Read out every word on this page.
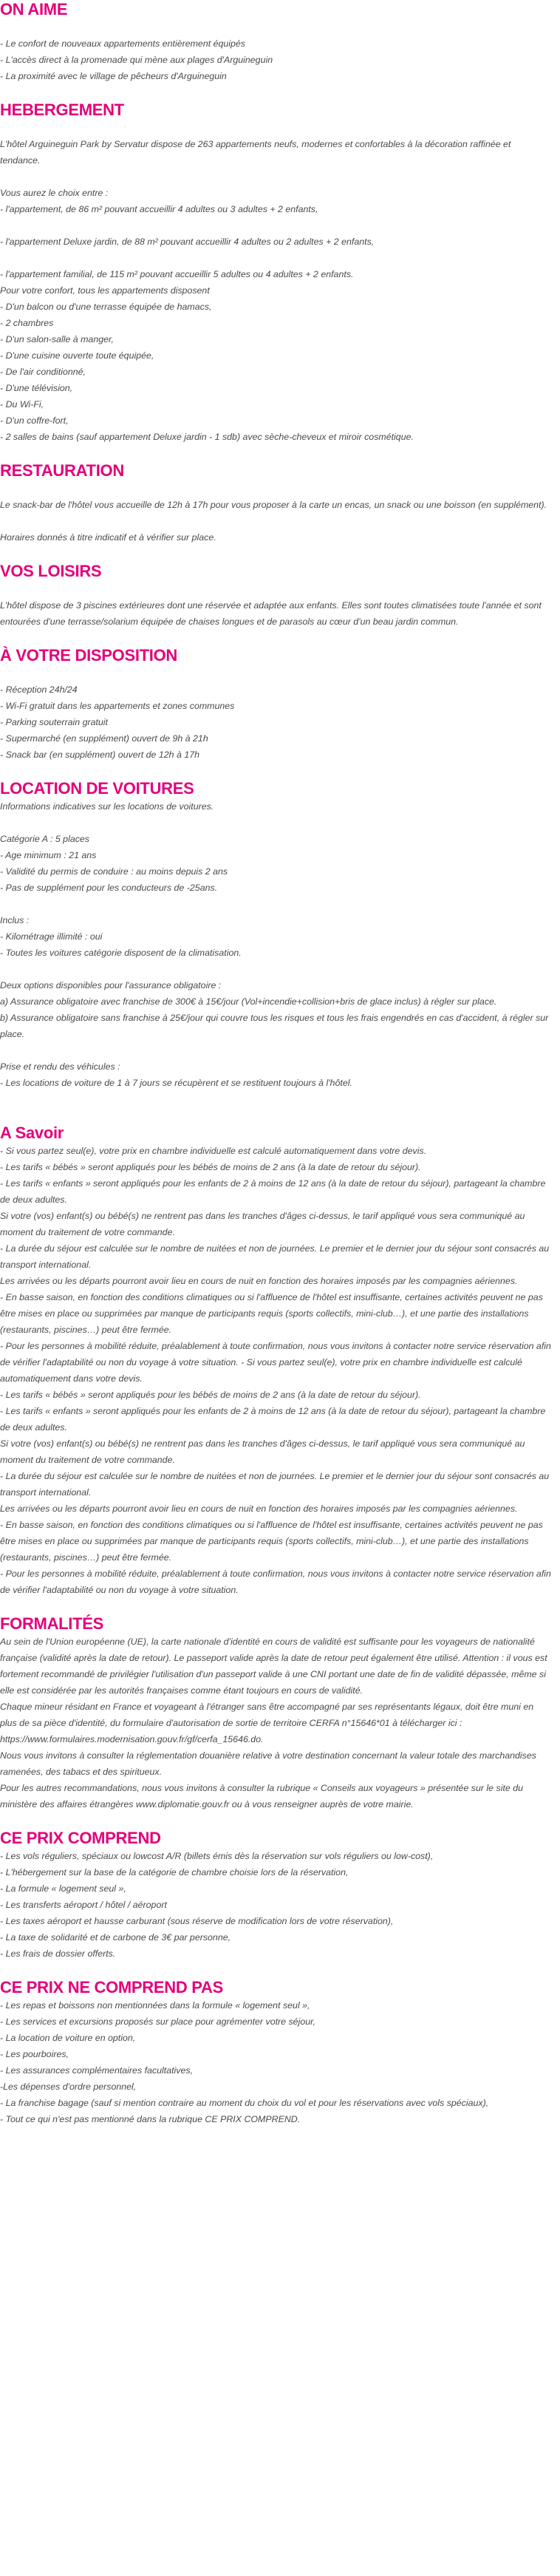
ON AIME

- Le confort de nouveaux appartements entièrement équipés

- L'accès direct à la promenade qui mène aux plages d'Arguineguin

- La proximité avec le village de pêcheurs d'Arguineguin

HEBERGEMENT

L'hôtel Arguineguin Park by Servatur dispose de 263 appartements neufs, modernes et confortables à la décoration raffinée et tendance.

Vous aurez le choix entre :

- l'appartement, de 86 m² pouvant accueillir 4 adultes ou 3 adultes + 2 enfants,

- l'appartement Deluxe jardin, de 88 m² pouvant accueillir 4 adultes ou 2 adultes + 2 enfants,

- l'appartement familial, de 115 m² pouvant accueillir 5 adultes ou 4 adultes + 2 enfants.

Pour votre confort, tous les appartements disposent

- D'un balcon ou d'une terrasse équipée de hamacs,

- 2 chambres

- D'un salon-salle à manger,

- D'une cuisine ouverte toute équipée,

- De l'air conditionné,

- D'une télévision,

- Du Wi-Fi,

- D'un coffre-fort,

- 2 salles de bains (sauf appartement Deluxe jardin - 1 sdb) avec sèche-cheveux et miroir cosmétique.

RESTAURATION

Le snack-bar de l'hôtel vous accueille de 12h à 17h pour vous proposer à la carte un encas, un snack ou une boisson (en supplément).

Horaires donnés à titre indicatif et à vérifier sur place.

VOS LOISIRS

L'hôtel dispose de 3 piscines extérieures dont une réservée et adaptée aux enfants. Elles sont toutes climatisées toute l'année et sont entourées d'une terrasse/solarium équipée de chaises longues et de parasols au cœur d'un beau jardin commun.

À VOTRE DISPOSITION

- Réception 24h/24

- Wi-Fi gratuit dans les appartements et zones communes

- Parking souterrain gratuit

- Supermarché (en supplément) ouvert de 9h à 21h

- Snack bar (en supplément) ouvert de 12h à 17h

LOCATION DE VOITURES

Informations indicatives sur les locations de voitures.

Catégorie A : 5 places

- Age minimum : 21 ans

- Validité du permis de conduire : au moins depuis 2 ans

- Pas de supplément pour les conducteurs de -25ans.

Inclus :

- Kilométrage illimité : oui

- Toutes les voitures catégorie disposent de la climatisation.

Deux options disponibles pour l'assurance obligatoire :

a) Assurance obligatoire avec franchise de 300€ à 15€/jour (Vol+incendie+collision+bris de glace inclus) à régler sur place.

b) Assurance obligatoire sans franchise à 25€/jour qui couvre tous les risques et tous les frais engendrés en cas d'accident, à régler sur place.

Prise et rendu des véhicules :

- Les locations de voiture de 1 à 7 jours se récupèrent et se restituent toujours à l'hôtel.

A Savoir

- Si vous partez seul(e), votre prix en chambre individuelle est calculé automatiquement dans votre devis.

- Les tarifs « bébés » seront appliqués pour les bébés de moins de 2 ans (à la date de retour du séjour).

- Les tarifs « enfants » seront appliqués pour les enfants de 2 à moins de 12 ans (à la date de retour du séjour), partageant la chambre de deux adultes.

Si votre (vos) enfant(s) ou bébé(s) ne rentrent pas dans les tranches d'âges ci-dessus, le tarif appliqué vous sera communiqué au moment du traitement de votre commande.

- La durée du séjour est calculée sur le nombre de nuitées et non de journées. Le premier et le dernier jour du séjour sont consacrés au transport international.

Les arrivées ou les départs pourront avoir lieu en cours de nuit en fonction des horaires imposés par les compagnies aériennes.

- En basse saison, en fonction des conditions climatiques ou si l'affluence de l'hôtel est insuffisante, certaines activités peuvent ne pas être mises en place ou supprimées par manque de participants requis (sports collectifs, mini-club…), et une partie des installations (restaurants, piscines…) peut être fermée.

- Pour les personnes à mobilité réduite, préalablement à toute confirmation, nous vous invitons à contacter notre service réservation afin de vérifier l'adaptabilité ou non du voyage à votre situation. - Si vous partez seul(e), votre prix en chambre individuelle est calculé automatiquement dans votre devis.

- Les tarifs « bébés » seront appliqués pour les bébés de moins de 2 ans (à la date de retour du séjour).

- Les tarifs « enfants » seront appliqués pour les enfants de 2 à moins de 12 ans (à la date de retour du séjour), partageant la chambre de deux adultes.

Si votre (vos) enfant(s) ou bébé(s) ne rentrent pas dans les tranches d'âges ci-dessus, le tarif appliqué vous sera communiqué au moment du traitement de votre commande.

- La durée du séjour est calculée sur le nombre de nuitées et non de journées. Le premier et le dernier jour du séjour sont consacrés au transport international.

Les arrivées ou les départs pourront avoir lieu en cours de nuit en fonction des horaires imposés par les compagnies aériennes.

- En basse saison, en fonction des conditions climatiques ou si l'affluence de l'hôtel est insuffisante, certaines activités peuvent ne pas être mises en place ou supprimées par manque de participants requis (sports collectifs, mini-club…), et une partie des installations (restaurants, piscines…) peut être fermée.

- Pour les personnes à mobilité réduite, préalablement à toute confirmation, nous vous invitons à contacter notre service réservation afin de vérifier l'adaptabilité ou non du voyage à votre situation.

FORMALITÉS

Au sein de l'Union européenne (UE), la carte nationale d'identité en cours de validité est suffisante pour les voyageurs de nationalité française (validité après la date de retour). Le passeport valide après la date de retour peut également être utilisé. Attention : il vous est fortement recommandé de privilégier l'utilisation d'un passeport valide à une CNI portant une date de fin de validité dépassée, même si elle est considérée par les autorités françaises comme étant toujours en cours de validité.

Chaque mineur résidant en France et voyageant à l'étranger sans être accompagné par ses représentants légaux, doit être muni en plus de sa pièce d'identité, du formulaire d'autorisation de sortie de territoire CERFA n°15646*01 à télécharger ici :

https://www.formulaires.modernisation.gouv.fr/gf/cerfa_15646.do.

Nous vous invitons à consulter la réglementation douanière relative à votre destination concernant la valeur totale des marchandises ramenées, des tabacs et des spiritueux.

Pour les autres recommandations, nous vous invitons à consulter la rubrique « Conseils aux voyageurs » présentée sur le site du ministère des affaires étrangères www.diplomatie.gouv.fr ou à vous renseigner auprès de votre mairie.

CE PRIX COMPREND

- Les vols réguliers, spéciaux ou lowcost A/R (billets émis dès la réservation sur vols réguliers ou low-cost),

- L'hébergement sur la base de la catégorie de chambre choisie lors de la réservation,

- La formule « logement seul »,

- Les transferts aéroport / hôtel / aéroport

- Les taxes aéroport et hausse carburant (sous réserve de modification lors de votre réservation),

- La taxe de solidarité et de carbone de 3€ par personne,

- Les frais de dossier offerts.

CE PRIX NE COMPREND PAS

- Les repas et boissons non mentionnées dans la formule « logement seul »,

- Les services et excursions proposés sur place pour agrémenter votre séjour,

- La location de voiture en option,

- Les pourboires,

- Les assurances complémentaires facultatives,

-Les dépenses d'ordre personnel,

- La franchise bagage (sauf si mention contraire au moment du choix du vol et pour les réservations avec vols spéciaux),

- Tout ce qui n'est pas mentionné dans la rubrique CE PRIX COMPREND.
